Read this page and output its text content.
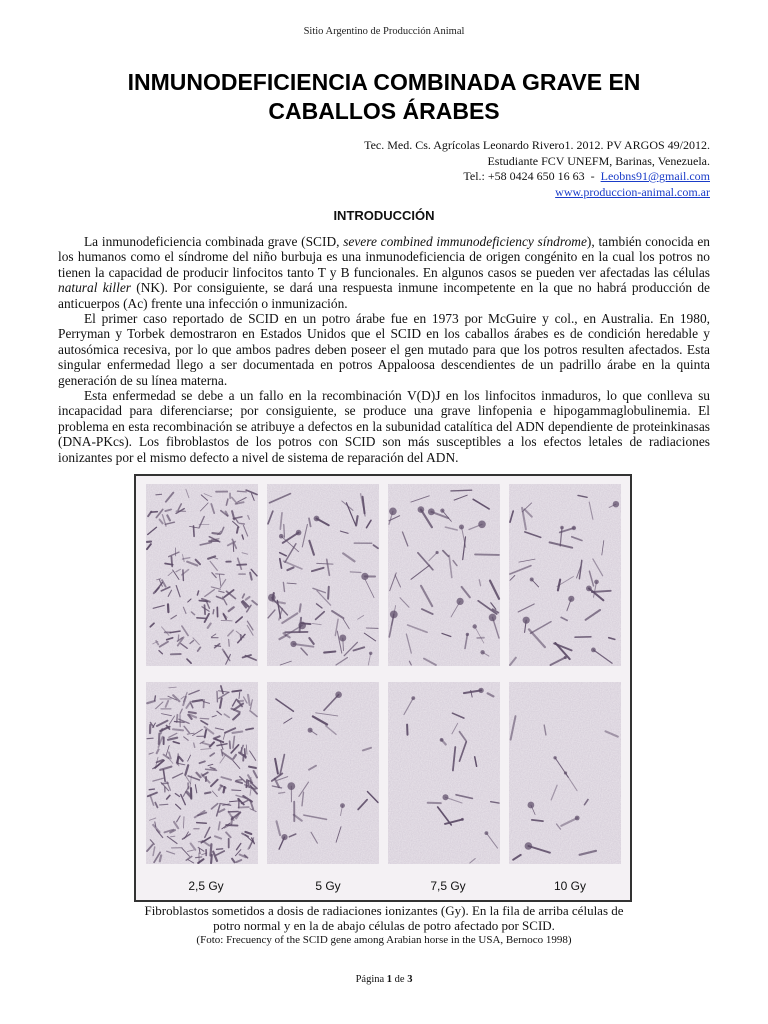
Sitio Argentino de Producción Animal
INMUNODEFICIENCIA COMBINADA GRAVE EN
CABALLOS ÁRABES
Tec. Med. Cs. Agrícolas Leonardo Rivero1. 2012. PV ARGOS 49/2012.
Estudiante FCV UNEFM, Barinas, Venezuela.
Tel.: +58 0424 650 16 63  -  Leobns91@gmail.com
www.produccion-animal.com.ar
INTRODUCCIÓN

La inmunodeficiencia combinada grave (SCID, severe combined immunodeficiency síndrome), también conocida en los humanos como el síndrome del niño burbuja es una inmunodeficiencia de origen congénito en la cual los potros no tienen la capacidad de producir linfocitos tanto T y B funcionales. En algunos casos se pueden ver afectadas las células natural killer (NK). Por consiguiente, se dará una respuesta inmune incompetente en la que no habrá producción de anticuerpos (Ac) frente una infección o inmunización.

El primer caso reportado de SCID en un potro árabe fue en 1973 por McGuire y col., en Australia. En 1980, Perryman y Torbek demostraron en Estados Unidos que el SCID en los caballos árabes es de condición heredable y autosómica recesiva, por lo que ambos padres deben poseer el gen mutado para que los potros resulten afectados. Esta singular enfermedad llego a ser documentada en potros Appaloosa descendientes de un padrillo árabe en la quinta generación de su línea materna.

Esta enfermedad se debe a un fallo en la recombinación V(D)J en los linfocitos inmaduros, lo que conlleva su incapacidad para diferenciarse; por consiguiente, se produce una grave linfopenia e hipogammaglobulinemia. El problema en esta recombinación se atribuye a defectos en la subunidad catalítica del ADN dependiente de proteinkinasas (DNA-PKcs). Los fibroblastos de los potros con SCID son más susceptibles a los efectos letales de radiaciones ionizantes por el mismo defecto a nivel de sistema de reparación del ADN.

2,5 Gy	5 Gy	7,5 Gy	10 Gy
Fibroblastos sometidos a dosis de radiaciones ionizantes (Gy). En la fila de arriba células de
potro normal y en la de abajo células de potro afectado por SCID.
(Foto: Frecuency of the SCID gene among Arabian horse in the USA, Bernoco 1998)
Página 1 de 3
